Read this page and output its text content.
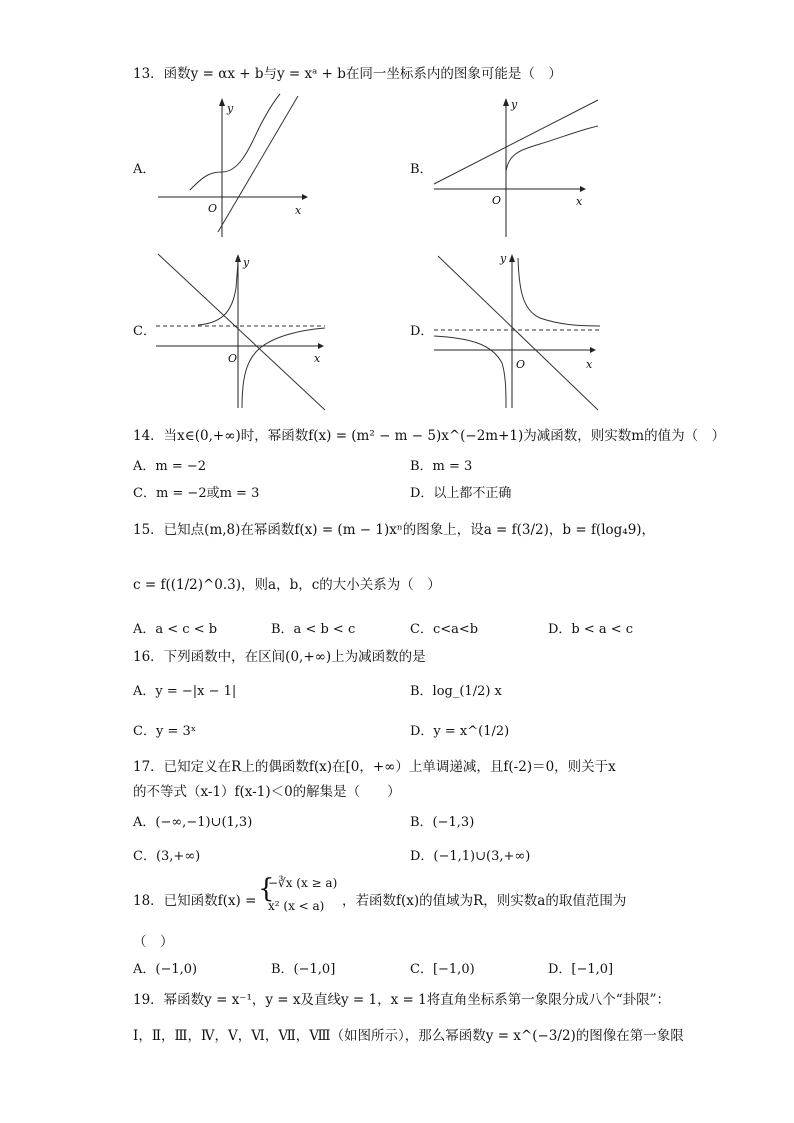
13．函数y = αx + b与y = xᵃ + b在同一坐标系内的图象可能是（　）
A．
x
y
O
B．
x
y
O
C．
x
y
O
D．
x
y
O
14．当x∈(0,+∞)时，幂函数f(x) = (m² − m − 5)x^(−2m+1)为减函数，则实数m的值为（　）
A．m = −2	B．m = 3
C．m = −2或m = 3	D．以上都不正确
15．已知点(m,8)在幂函数f(x) = (m − 1)xⁿ的图象上，设a = f(3/2)，b = f(log₄9)，
c = f((1/2)^0.3)，则a，b，c的大小关系为（　）
A．a < c < b	B．a < b < c	C．c<a<b	D．b < a < c
16．下列函数中，在区间(0,+∞)上为减函数的是
A．y = −|x − 1|	B．log_(1/2) x
C．y = 3ˣ	D．y = x^(1/2)
17．已知定义在R上的偶函数f(x)在[0，+∞）上单调递减，且f(-2)＝0，则关于x
的不等式（x-1）f(x-1)＜0的解集是（　　）
A．(−∞,−1)∪(1,3)	B．(−1,3)
C．(3,+∞)	D．(−1,1)∪(3,+∞)
18．已知函数f(x) = {
−∛x (x ≥ a)
x² (x < a) ，若函数f(x)的值域为R，则实数a的取值范围为
（　）
A．(−1,0)	B．(−1,0]	C．[−1,0)	D．[−1,0]
19．幂函数y = x⁻¹，y = x及直线y = 1，x = 1将直角坐标系第一象限分成八个“卦限”：
Ⅰ，Ⅱ，Ⅲ，Ⅳ，Ⅴ，Ⅵ，Ⅶ，Ⅷ（如图所示），那么幂函数y = x^(−3/2)的图像在第一象限
